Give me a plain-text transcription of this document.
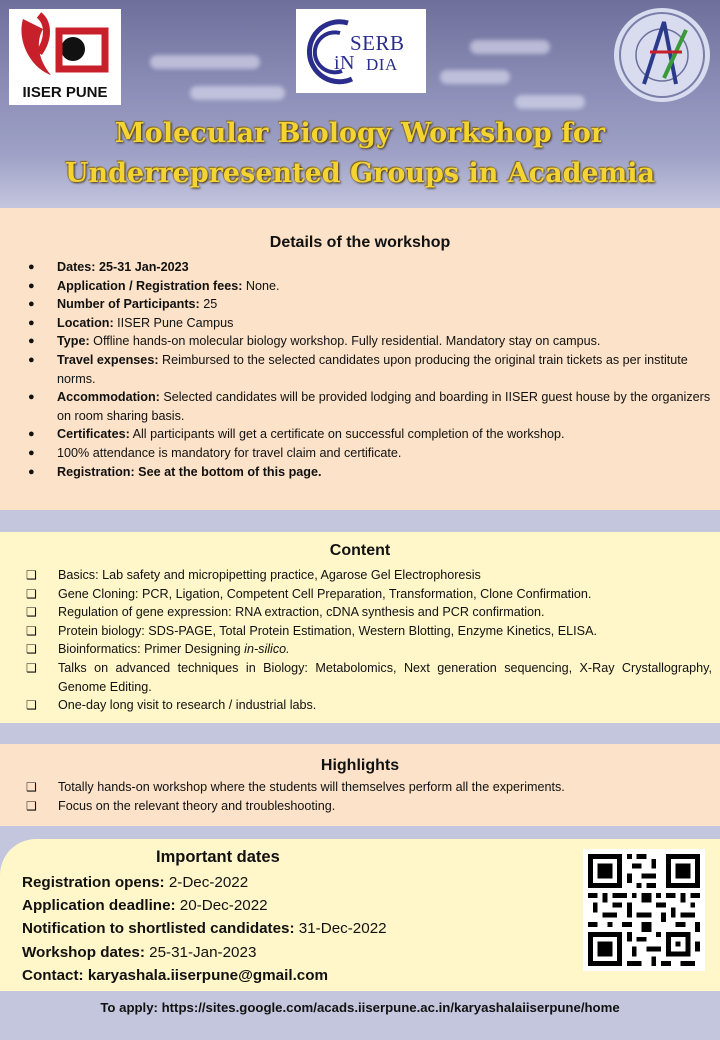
IISER PUNE
i N
SERB
DIA
Molecular Biology Workshop for
Underrepresented Groups in Academia
Details of the workshop
● Dates: 25-31 Jan-2023
● Application / Registration fees: None.
● Number of Participants: 25
● Location: IISER Pune Campus
● Type: Offline hands-on molecular biology workshop. Fully residential. Mandatory stay on campus.
● Travel expenses: Reimbursed to the selected candidates upon producing the original train tickets as per institute norms.
● Accommodation: Selected candidates will be provided lodging and boarding in IISER guest house by the organizers on room sharing basis.
● Certificates: All participants will get a certificate on successful completion of the workshop.
● 100% attendance is mandatory for travel claim and certificate.
● Registration: See at the bottom of this page.
Content
❑ Basics: Lab safety and micropipetting practice, Agarose Gel Electrophoresis
❑ Gene Cloning: PCR, Ligation, Competent Cell Preparation, Transformation, Clone Confirmation.
❑ Regulation of gene expression: RNA extraction, cDNA synthesis and PCR confirmation.
❑ Protein biology: SDS-PAGE, Total Protein Estimation, Western Blotting, Enzyme Kinetics, ELISA.
❑ Bioinformatics: Primer Designing in-silico.
❑ Talks on advanced techniques in Biology: Metabolomics, Next generation sequencing, X-Ray Crystallography, Genome Editing.
❑ One-day long visit to research / industrial labs.
Highlights
❑ Totally hands-on workshop where the students will themselves perform all the experiments.
❑ Focus on the relevant theory and troubleshooting.
Important dates
Registration opens: 2-Dec-2022
Application deadline: 20-Dec-2022
Notification to shortlisted candidates: 31-Dec-2022
Workshop dates: 25-31-Jan-2023
Contact: karyashala.iiserpune@gmail.com
To apply: https://sites.google.com/acads.iiserpune.ac.in/karyashalaiiserpune/home
